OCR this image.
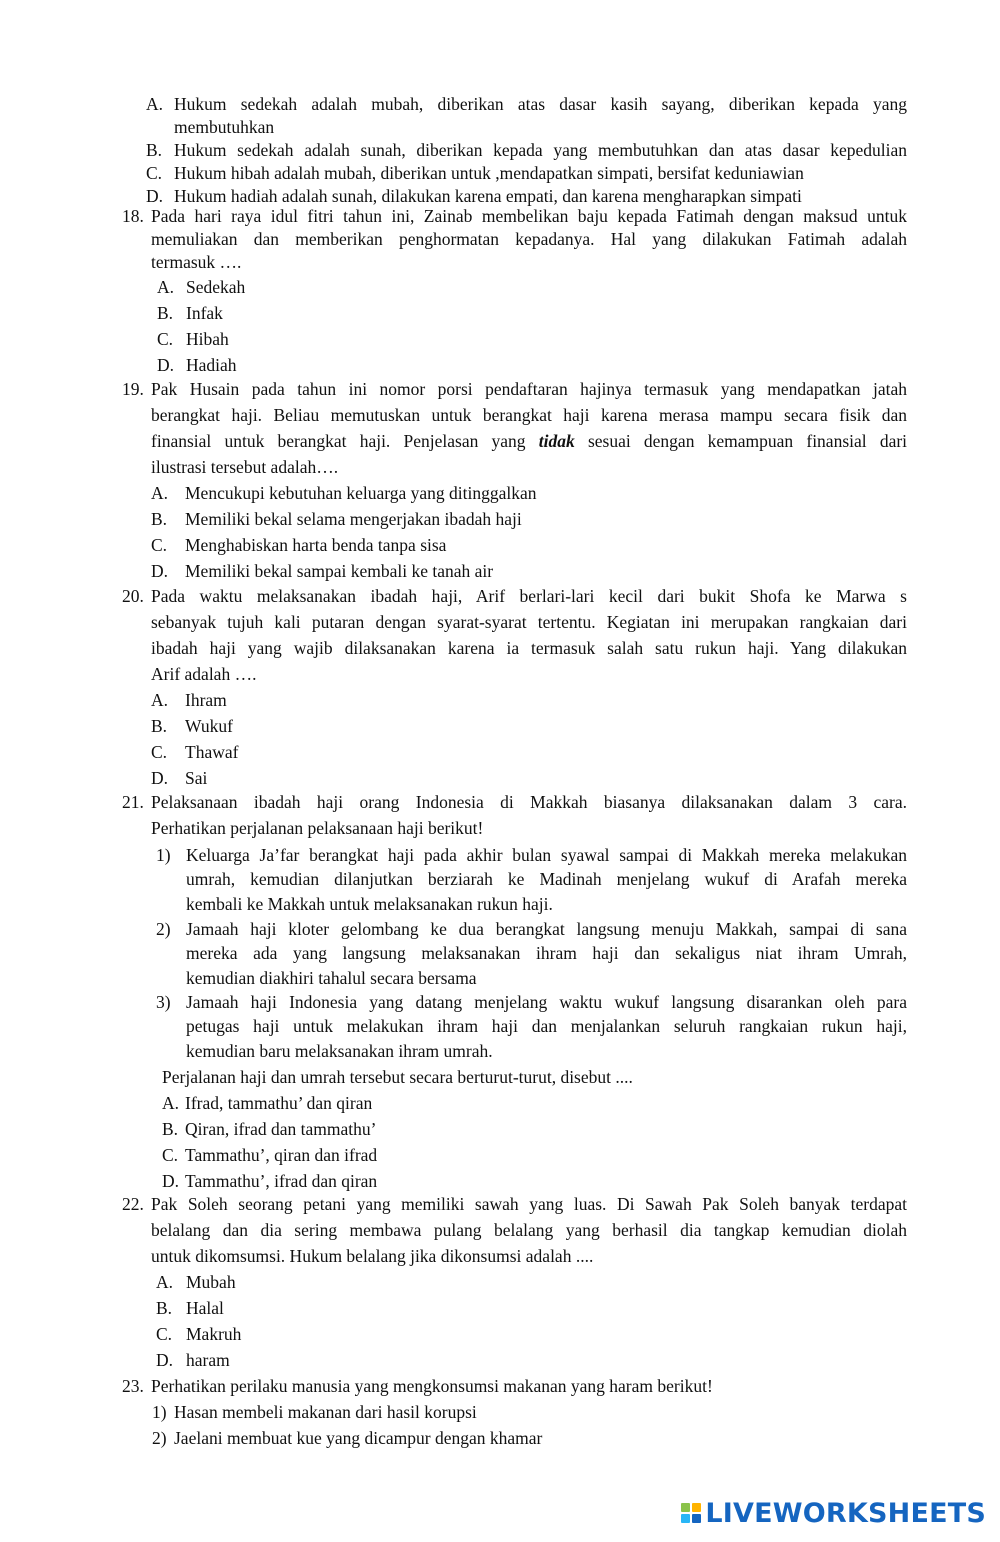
A. Hukum sedekah adalah mubah, diberikan atas dasar kasih sayang, diberikan kepada yang
membutuhkan
B. Hukum sedekah adalah sunah, diberikan kepada yang membutuhkan dan atas dasar kepedulian
C. Hukum hibah adalah mubah, diberikan untuk ,mendapatkan simpati, bersifat keduniawian
D. Hukum hadiah adalah sunah, dilakukan karena empati, dan karena mengharapkan simpati
18. Pada hari raya idul fitri tahun ini, Zainab membelikan baju kepada Fatimah dengan maksud untuk
memuliakan dan memberikan penghormatan kepadanya. Hal yang dilakukan Fatimah adalah
termasuk ….
A. Sedekah
B. Infak
C. Hibah
D. Hadiah
19. Pak Husain pada tahun ini nomor porsi pendaftaran hajinya termasuk yang mendapatkan jatah
berangkat haji. Beliau memutuskan untuk berangkat haji karena merasa mampu secara fisik dan
finansial untuk berangkat haji. Penjelasan yang tidak sesuai dengan kemampuan finansial dari
ilustrasi tersebut adalah….
A. Mencukupi kebutuhan keluarga yang ditinggalkan
B. Memiliki bekal selama mengerjakan ibadah haji
C. Menghabiskan harta benda tanpa sisa
D. Memiliki bekal sampai kembali ke tanah air
20. Pada waktu melaksanakan ibadah haji, Arif berlari-lari kecil dari bukit Shofa ke Marwa s
sebanyak tujuh kali putaran dengan syarat-syarat tertentu. Kegiatan ini merupakan rangkaian dari
ibadah haji yang wajib dilaksanakan karena ia termasuk salah satu rukun haji. Yang dilakukan
Arif adalah ….
A. Ihram
B. Wukuf
C. Thawaf
D. Sai
21. Pelaksanaan ibadah haji orang Indonesia di Makkah biasanya dilaksanakan dalam 3 cara.
Perhatikan perjalanan pelaksanaan haji berikut!
1) Keluarga Ja’far berangkat haji pada akhir bulan syawal sampai di Makkah mereka melakukan
umrah, kemudian dilanjutkan berziarah ke Madinah menjelang wukuf di Arafah mereka
kembali ke Makkah untuk melaksanakan rukun haji.
2) Jamaah haji kloter gelombang ke dua berangkat langsung menuju Makkah, sampai di sana
mereka ada yang langsung melaksanakan ihram haji dan sekaligus niat ihram Umrah,
kemudian diakhiri tahalul secara bersama
3) Jamaah haji Indonesia yang datang menjelang waktu wukuf langsung disarankan oleh para
petugas haji untuk melakukan ihram haji dan menjalankan seluruh rangkaian rukun haji,
kemudian baru melaksanakan ihram umrah.
Perjalanan haji dan umrah tersebut secara berturut-turut, disebut ....
A. Ifrad, tammathu’ dan qiran
B. Qiran, ifrad dan tammathu’
C. Tammathu’, qiran dan ifrad
D. Tammathu’, ifrad dan qiran
22. Pak Soleh seorang petani yang memiliki sawah yang luas. Di Sawah Pak Soleh banyak terdapat
belalang dan dia sering membawa pulang belalang yang berhasil dia tangkap kemudian diolah
untuk dikomsumsi. Hukum belalang jika dikonsumsi adalah ....
A. Mubah
B. Halal
C. Makruh
D. haram
23. Perhatikan perilaku manusia yang mengkonsumsi makanan yang haram berikut!
1) Hasan membeli makanan dari hasil korupsi
2) Jaelani membuat kue yang dicampur dengan khamar
LIVEWORKSHEETS
